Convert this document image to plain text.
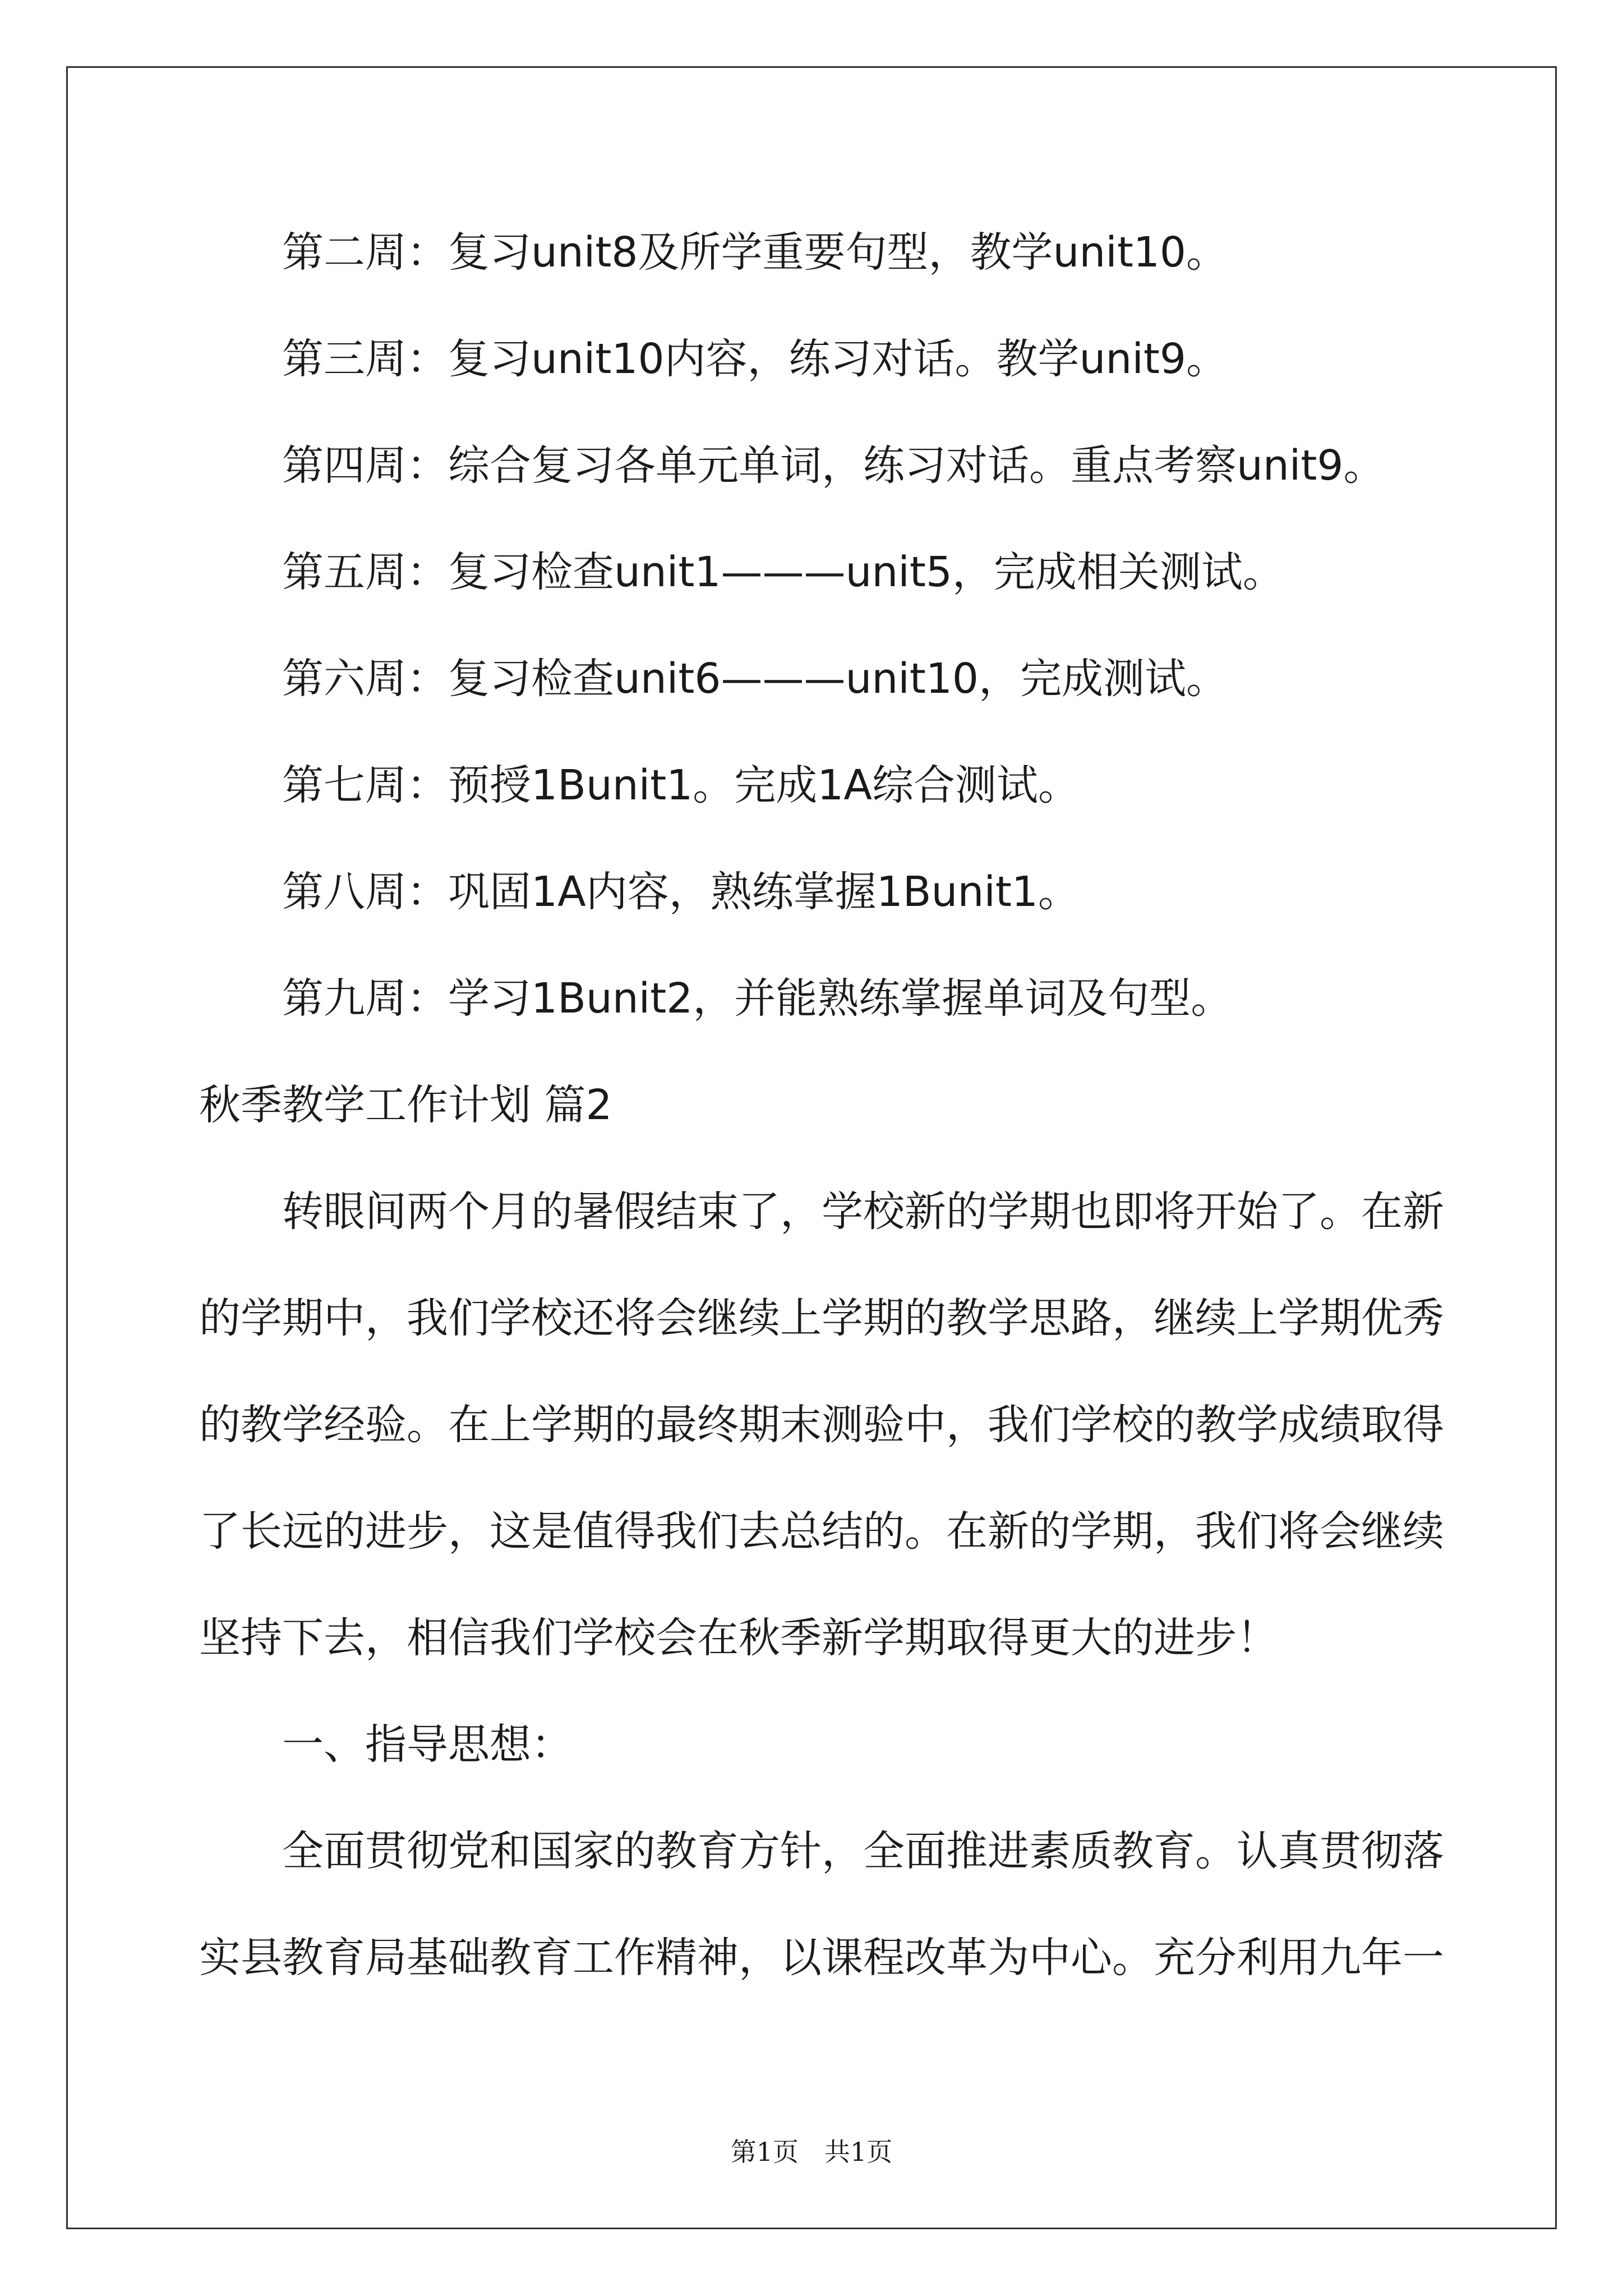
第二周：复习unit8及所学重要句型，教学unit10。
第三周：复习unit10内容，练习对话。教学unit9。
第四周：综合复习各单元单词，练习对话。重点考察unit9。
第五周：复习检查unit1———unit5，完成相关测试。
第六周：复习检查unit6———unit10，完成测试。
第七周：预授1Bunit1。完成1A综合测试。
第八周：巩固1A内容，熟练掌握1Bunit1。
第九周：学习1Bunit2，并能熟练掌握单词及句型。
秋季教学工作计划 篇2
转眼间两个月的暑假结束了，学校新的学期也即将开始了。在新
的学期中，我们学校还将会继续上学期的教学思路，继续上学期优秀
的教学经验。在上学期的最终期末测验中，我们学校的教学成绩取得
了长远的进步，这是值得我们去总结的。在新的学期，我们将会继续
坚持下去，相信我们学校会在秋季新学期取得更大的进步！
一、指导思想：
全面贯彻党和国家的教育方针，全面推进素质教育。认真贯彻落
实县教育局基础教育工作精神，以课程改革为中心。充分利用九年一
第1页　共1页
